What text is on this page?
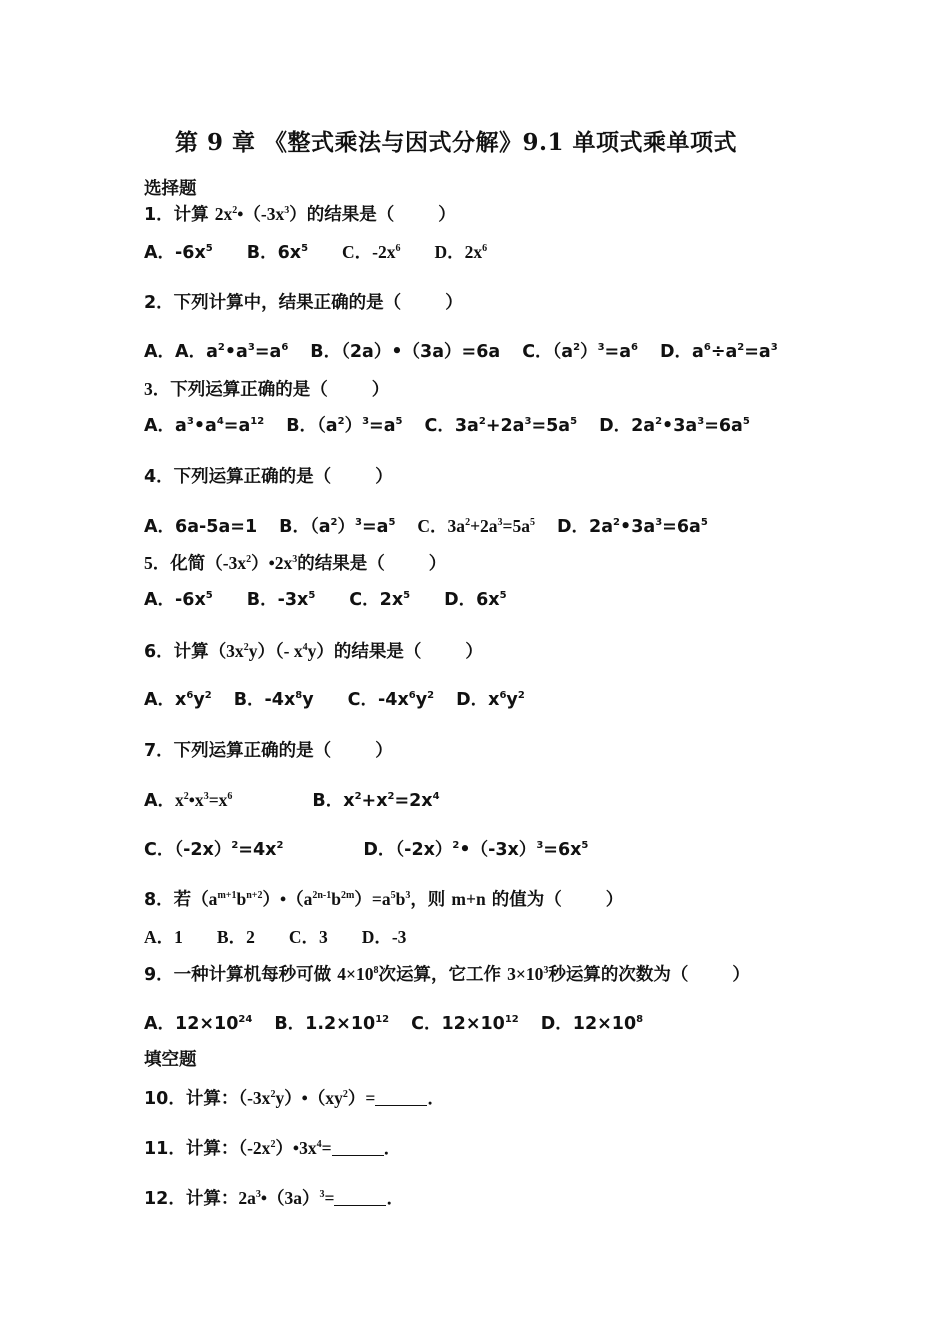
第 9 章 《整式乘法与因式分解》9.1 单项式乘单项式
选择题
1．计算 $2x^2•(-3x^3)$的结果是（	）
A．$-6x^5$ B．$6x^5$ C．$-2x^6$ D．$2x^6$
2．下列计算中，结果正确的是（	）
A．A．$a^2•a^3=a^6$ B．（2a）•（3a）=6a C．$(a^2)^3=a^6$ D．$a^6\div a^2=a^3$
3．下列运算正确的是（	）
A．$a^3•a^4=a^{12}$ B．$(a^2)^3=a^5$ C．$3a^2+2a^3=5a^5$ D．$2a^2•3a^3=6a^5$
4．下列运算正确的是（	）
A．6a-5a=1 B．$(a^2)^3=a^5$ C．$3a^2+2a^3=5a^5$ D．$2a^2•3a^3=6a^5$
5．化简$(-3x^2)•2x^3$的结果是（	）
A．$-6x^5$ B．$-3x^5$ C．$2x^5$ D．$6x^5$
6．计算$(3x^2y)(-$ $x^4y$）的结果是（	）
A．$x^6y^2$ B．$-4x^8y$ C．$-4x^6y^2$ D．$x^6y^2$
7．下列运算正确的是（	）
A．$x^2•x^3=x^6$	B．$x^2+x^2=2x^4$
C．$(-2x)^2=4x^2$	D．$(-2x)^2•(-3x)^3=6x^5$
8．若$(a^{m+1}b^{n+2})•(a^{2n-1}b^{2m})=a^5b^3$，则 m+n 的值为（	）
A．1 B．2 C．3 D．-3
9．一种计算机每秒可做 $4\times 10^8$次运算，它工作 $3\times 10^3$秒运算的次数为（	）
A．$12\times 10^{24}$ B．$1.2\times 10^{12}$ C．$12\times 10^{12}$ D．$12\times 10^8$
填空题
10．计算：$(-3x^2y)•(xy^2)=$	．
11．计算：$(-2x^2)•3x^4=$	．
12．计算：$2a^3•(3a)^3=$	．
